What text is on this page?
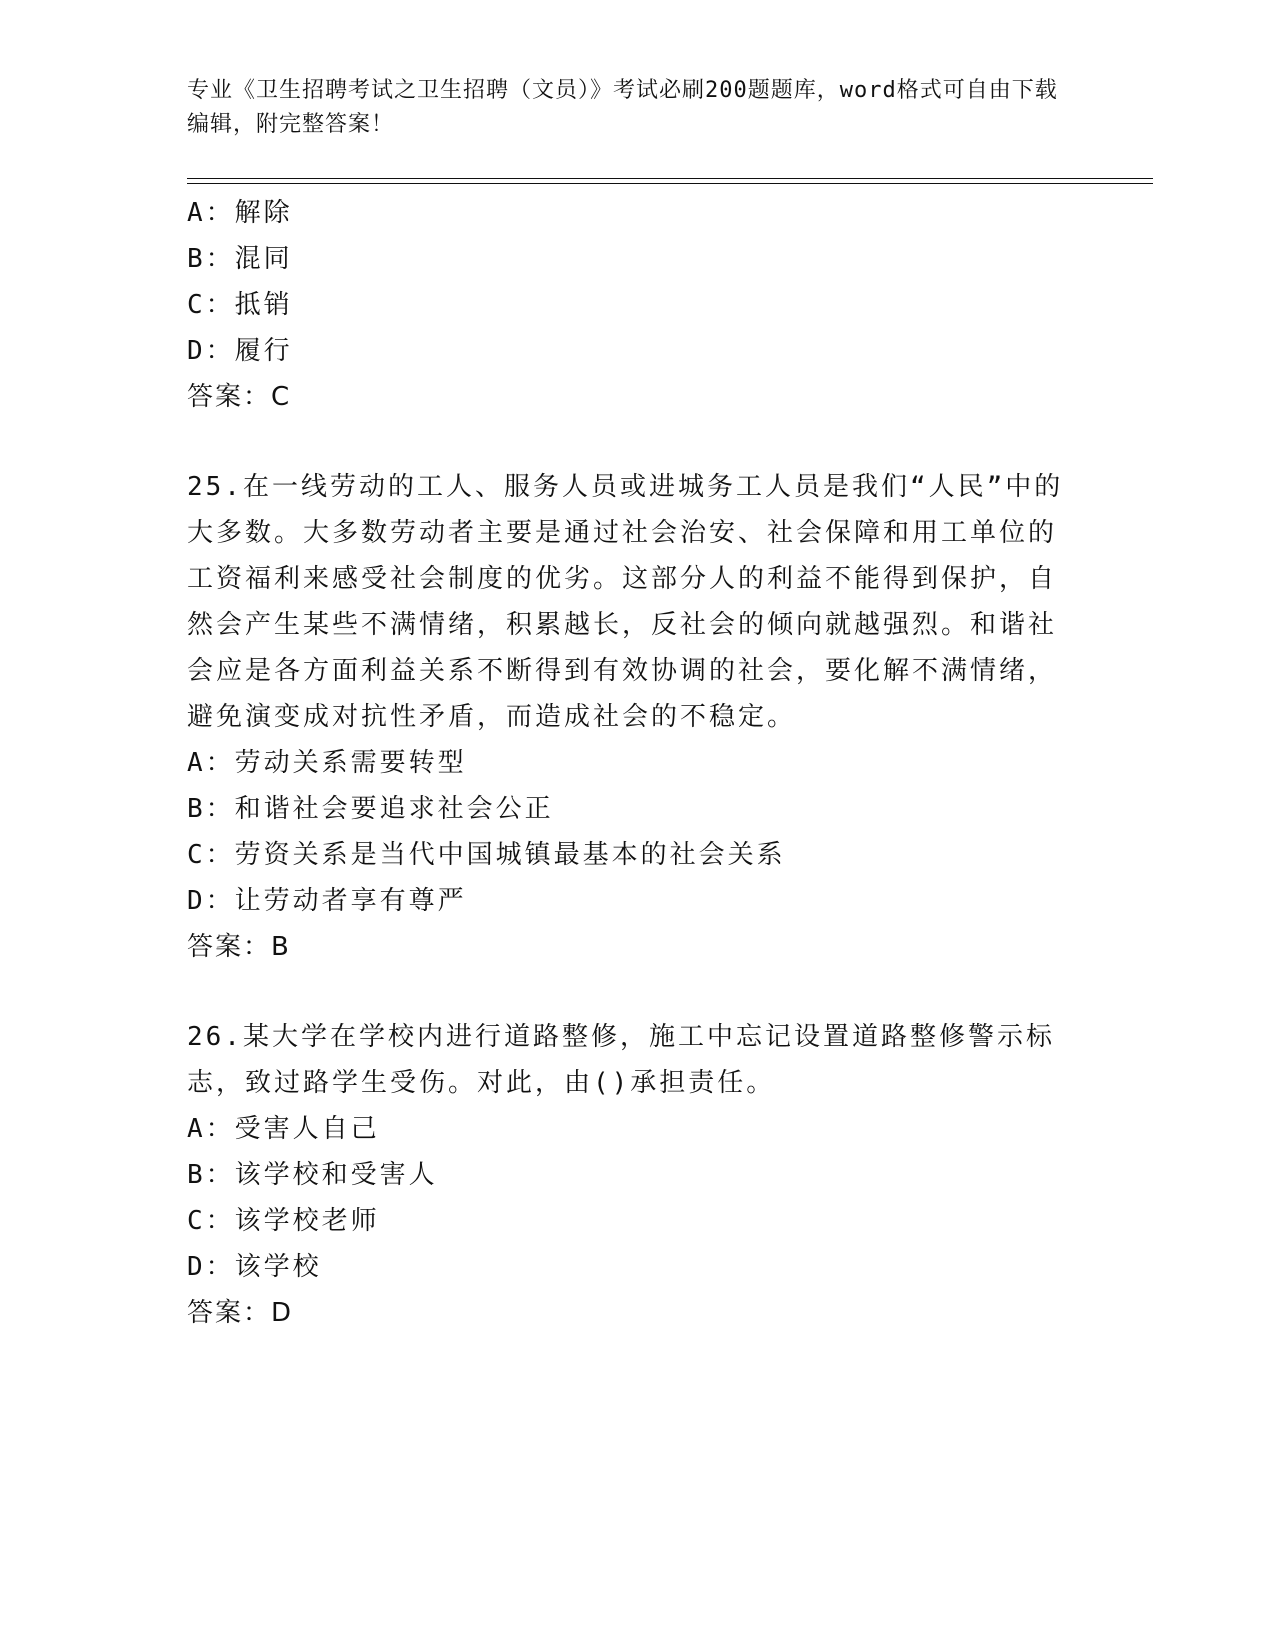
专业《卫生招聘考试之卫生招聘（文员）》考试必刷200题题库，word格式可自由下载编辑，附完整答案！
A：解除
B：混同
C：抵销
D：履行
答案：C
25.在一线劳动的工人、服务人员或进城务工人员是我们“人民”中的大多数。大多数劳动者主要是通过社会治安、社会保障和用工单位的工资福利来感受社会制度的优劣。这部分人的利益不能得到保护，自然会产生某些不满情绪，积累越长，反社会的倾向就越强烈。和谐社会应是各方面利益关系不断得到有效协调的社会，要化解不满情绪，避免演变成对抗性矛盾，而造成社会的不稳定。
A：劳动关系需要转型
B：和谐社会要追求社会公正
C：劳资关系是当代中国城镇最基本的社会关系
D：让劳动者享有尊严
答案：B
26.某大学在学校内进行道路整修，施工中忘记设置道路整修警示标志，致过路学生受伤。对此，由()承担责任。
A：受害人自己
B：该学校和受害人
C：该学校老师
D：该学校
答案：D
